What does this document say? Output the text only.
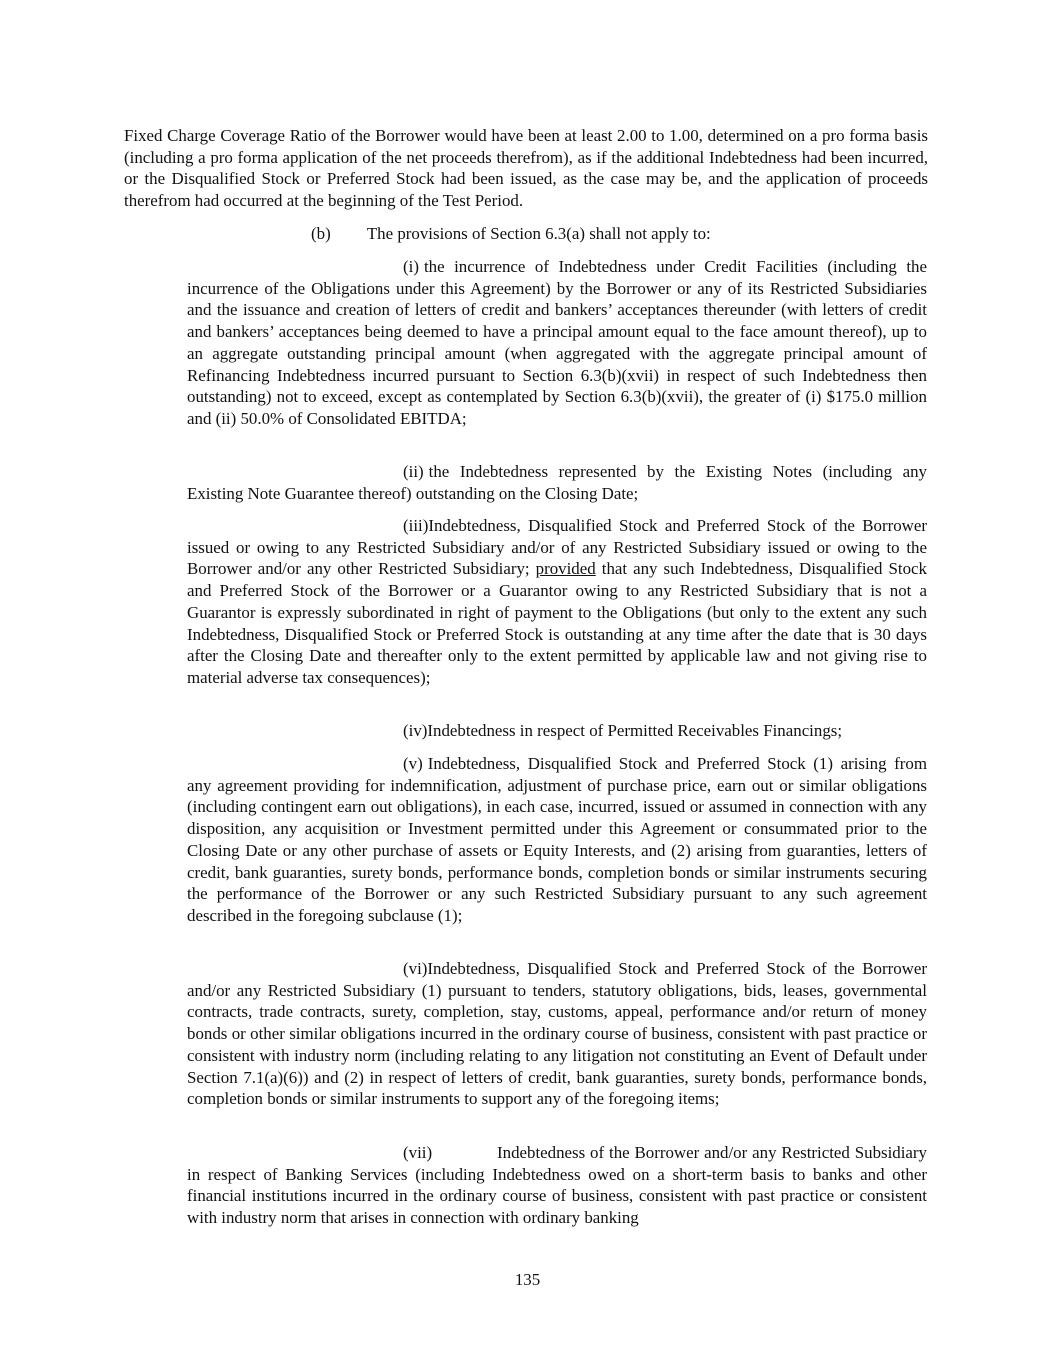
Fixed Charge Coverage Ratio of the Borrower would have been at least 2.00 to 1.00, determined on a pro forma basis (including a pro forma application of the net proceeds therefrom), as if the additional Indebtedness had been incurred, or the Disqualified Stock or Preferred Stock had been issued, as the case may be, and the application of proceeds therefrom had occurred at the beginning of the Test Period.

(b) The provisions of Section 6.3(a) shall not apply to:

(i) the incurrence of Indebtedness under Credit Facilities (including the incurrence of the Obligations under this Agreement) by the Borrower or any of its Restricted Subsidiaries and the issuance and creation of letters of credit and bankers’ acceptances thereunder (with letters of credit and bankers’ acceptances being deemed to have a principal amount equal to the face amount thereof), up to an aggregate outstanding principal amount (when aggregated with the aggregate principal amount of Refinancing Indebtedness incurred pursuant to Section 6.3(b)(xvii) in respect of such Indebtedness then outstanding) not to exceed, except as contemplated by Section 6.3(b)(xvii), the greater of (i) $175.0 million and (ii) 50.0% of Consolidated EBITDA;

(ii) the Indebtedness represented by the Existing Notes (including any Existing Note Guarantee thereof) outstanding on the Closing Date;

(iii)Indebtedness, Disqualified Stock and Preferred Stock of the Borrower issued or owing to any Restricted Subsidiary and/or of any Restricted Subsidiary issued or owing to the Borrower and/or any other Restricted Subsidiary; provided that any such Indebtedness, Disqualified Stock and Preferred Stock of the Borrower or a Guarantor owing to any Restricted Subsidiary that is not a Guarantor is expressly subordinated in right of payment to the Obligations (but only to the extent any such Indebtedness, Disqualified Stock or Preferred Stock is outstanding at any time after the date that is 30 days after the Closing Date and thereafter only to the extent permitted by applicable law and not giving rise to material adverse tax consequences);

(iv)Indebtedness in respect of Permitted Receivables Financings;

(v) Indebtedness, Disqualified Stock and Preferred Stock (1) arising from any agreement providing for indemnification, adjustment of purchase price, earn out or similar obligations (including contingent earn out obligations), in each case, incurred, issued or assumed in connection with any disposition, any acquisition or Investment permitted under this Agreement or consummated prior to the Closing Date or any other purchase of assets or Equity Interests, and (2) arising from guaranties, letters of credit, bank guaranties, surety bonds, performance bonds, completion bonds or similar instruments securing the performance of the Borrower or any such Restricted Subsidiary pursuant to any such agreement described in the foregoing subclause (1);

(vi)Indebtedness, Disqualified Stock and Preferred Stock of the Borrower and/or any Restricted Subsidiary (1) pursuant to tenders, statutory obligations, bids, leases, governmental contracts, trade contracts, surety, completion, stay, customs, appeal, performance and/or return of money bonds or other similar obligations incurred in the ordinary course of business, consistent with past practice or consistent with industry norm (including relating to any litigation not constituting an Event of Default under Section 7.1(a)(6)) and (2) in respect of letters of credit, bank guaranties, surety bonds, performance bonds, completion bonds or similar instruments to support any of the foregoing items;

(vii)	Indebtedness of the Borrower and/or any Restricted Subsidiary in respect of Banking Services (including Indebtedness owed on a short-term basis to banks and other financial institutions incurred in the ordinary course of business, consistent with past practice or consistent with industry norm that arises in connection with ordinary banking

135
